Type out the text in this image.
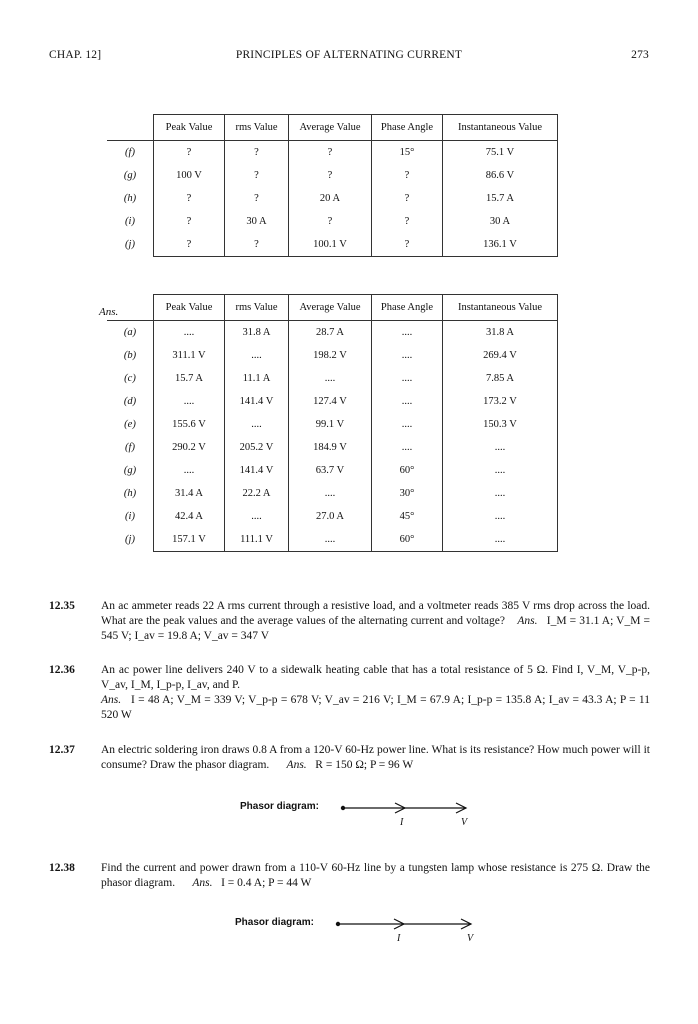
CHAP. 12]	PRINCIPLES OF ALTERNATING CURRENT	273
	Peak Value	rms Value	Average Value	Phase Angle	Instantaneous Value
(f)	?	?	?	15°	75.1 V
(g)	100 V	?	?	?	86.6 V
(h)	?	?	20 A	?	15.7 A
(i)	?	30 A	?	?	30 A
(j)	?	?	100.1 V	?	136.1 V
Ans.
		Peak Value	rms Value	Average Value	Phase Angle	Instantaneous Value
(a)	....	31.8 A	28.7 A	....	31.8 A
(b)	311.1 V	....	198.2 V	....	269.4 V
(c)	15.7 A	11.1 A	....	....	7.85 A
(d)	....	141.4 V	127.4 V	....	173.2 V
(e)	155.6 V	....	99.1 V	....	150.3 V
(f)	290.2 V	205.2 V	184.9 V	....	....
(g)	....	141.4 V	63.7 V	60°	....
(h)	31.4 A	22.2 A	....	30°	....
(i)	42.4 A	....	27.0 A	45°	....
(j)	157.1 V	111.1 V	....	60°	....
12.35 An ac ammeter reads 22 A rms current through a resistive load, and a voltmeter reads 385 V rms drop across the load. What are the peak values and the average values of the alternating current and voltage? Ans. I_M = 31.1 A; V_M = 545 V; I_av = 19.8 A; V_av = 347 V
12.36 An ac power line delivers 240 V to a sidewalk heating cable that has a total resistance of 5 Ω. Find I, V_M, V_p-p, V_av, I_M, I_p-p, I_av, and P.
Ans. I = 48 A; V_M = 339 V; V_p-p = 678 V; V_av = 216 V; I_M = 67.9 A; I_p-p = 135.8 A; I_av = 43.3 A; P = 11 520 W
12.37 An electric soldering iron draws 0.8 A from a 120-V 60-Hz power line. What is its resistance? How much power will it consume? Draw the phasor diagram. Ans. R = 150 Ω; P = 96 W
Phasor diagram:
I	V
12.38 Find the current and power drawn from a 110-V 60-Hz line by a tungsten lamp whose resistance is 275 Ω. Draw the phasor diagram. Ans. I = 0.4 A; P = 44 W
Phasor diagram:
I	V
